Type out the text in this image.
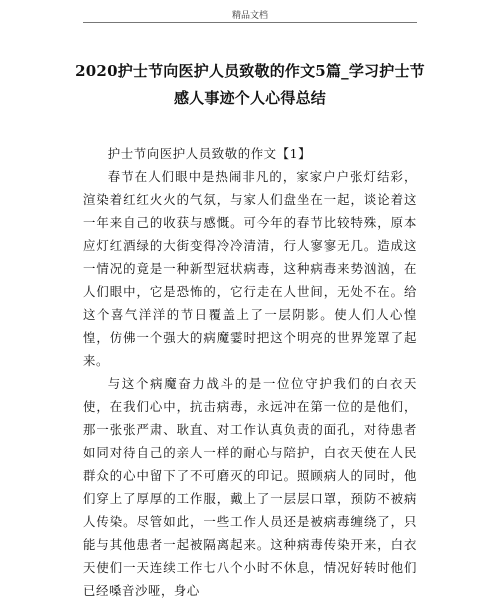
精品文档
2020护士节向医护人员致敬的作文5篇_学习护士节感人事迹个人心得总结

护士节向医护人员致敬的作文【1】

春节在人们眼中是热闹非凡的，家家户户张灯结彩，渲染着红红火火的气氛，与家人们盘坐在一起，谈论着这一年来自己的收获与感慨。可今年的春节比较特殊，原本应灯红酒绿的大街变得冷冷清清，行人寥寥无几。造成这一情况的竟是一种新型冠状病毒，这种病毒来势汹汹，在人们眼中，它是恐怖的，它行走在人世间，无处不在。给这个喜气洋洋的节日覆盖上了一层阴影。使人们人心惶惶，仿佛一个强大的病魔霎时把这个明亮的世界笼罩了起来。

与这个病魔奋力战斗的是一位位守护我们的白衣天使，在我们心中，抗击病毒，永远冲在第一位的是他们，那一张张严肃、耿直、对工作认真负责的面孔，对待患者如同对待自己的亲人一样的耐心与陪护，白衣天使在人民群众的心中留下了不可磨灭的印记。照顾病人的同时，他们穿上了厚厚的工作服，戴上了一层层口罩，预防不被病人传染。尽管如此，一些工作人员还是被病毒缠绕了，只能与其他患者一起被隔离起来。这种病毒传染开来，白衣天使们一天连续工作七八个小时不休息，情况好转时他们已经嗓音沙哑，身心
